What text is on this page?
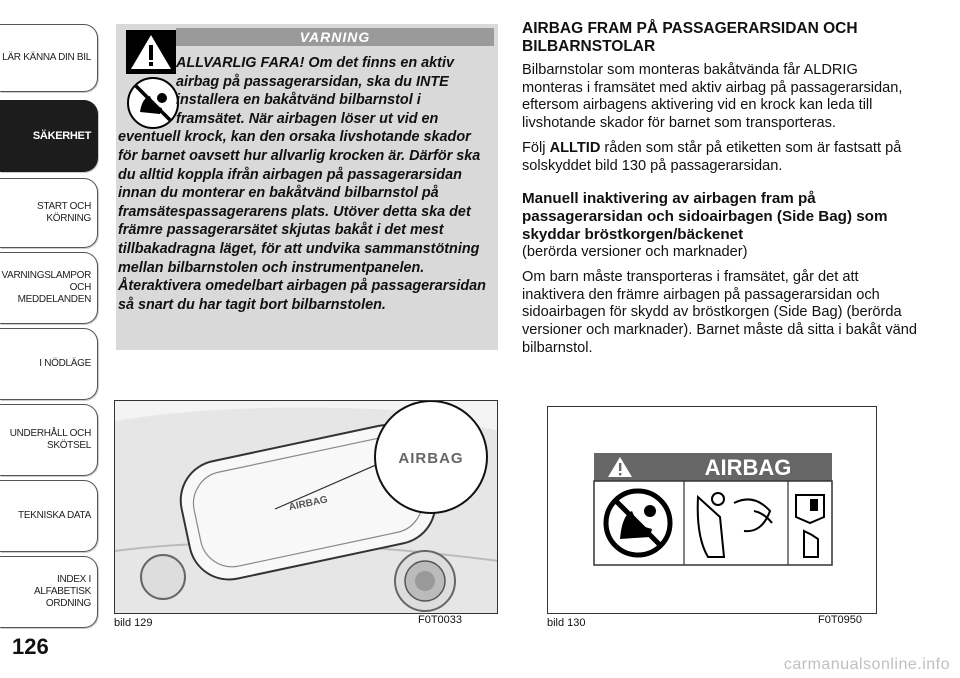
LÄR KÄNNA DIN BIL
SÄKERHET
START OCH
KÖRNING
VARNINGSLAMPOR
OCH
MEDDELANDEN
I NÖDLÄGE
UNDERHÅLL OCH
SKÖTSEL
TEKNISKA DATA
INDEX I ALFABETISK
ORDNING
126
VARNING
ALLVARLIG FARA! Om det finns en aktiv airbag på passagerarsidan, ska du INTE installera en bakåtvänd bilbarnstol i framsätet. När airbagen löser ut vid en
eventuell krock, kan den orsaka livshotande skador för barnet oavsett hur allvarlig krocken är. Därför ska du alltid koppla ifrån airbagen på passagerarsidan innan du monterar en bakåtvänd bilbarnstol på framsätespassagerarens plats. Utöver detta ska det främre passagerarsätet skjutas bakåt i det mest tillbakadragna läget, för att undvika sammanstötning mellan bilbarnstolen och instrumentpanelen. Återaktivera omedelbart airbagen på passagerarsidan så snart du har tagit bort bilbarnstolen.
AIRBAG FRAM PÅ PASSAGERARSIDAN OCH BILBARNSTOLAR

Bilbarnstolar som monteras bakåtvända får ALDRIG monteras i framsätet med aktiv airbag på passagerarsidan, eftersom airbagens aktivering vid en krock kan leda till livshotande skador för barnet som transporteras.

Följ ALLTID råden som står på etiketten som är fastsatt på solskyddet bild 130 på passagerarsidan.

Manuell inaktivering av airbagen fram på passagerarsidan och sidoairbagen (Side Bag) som skyddar bröstkorgen/bäckenet

(berörda versioner och marknader)

Om barn måste transporteras i framsätet, går det att inaktivera den främre airbagen på passagerarsidan och sidoairbagen för skydd av bröstkorgen (Side Bag) (berörda versioner och marknader). Barnet måste då sitta i bakåt vänd bilbarnstol.

AIRBAG
AIRBAG
bild 129	F0T0033
AIRBAG
bild 130	F0T0950
carmanualsonline.info
